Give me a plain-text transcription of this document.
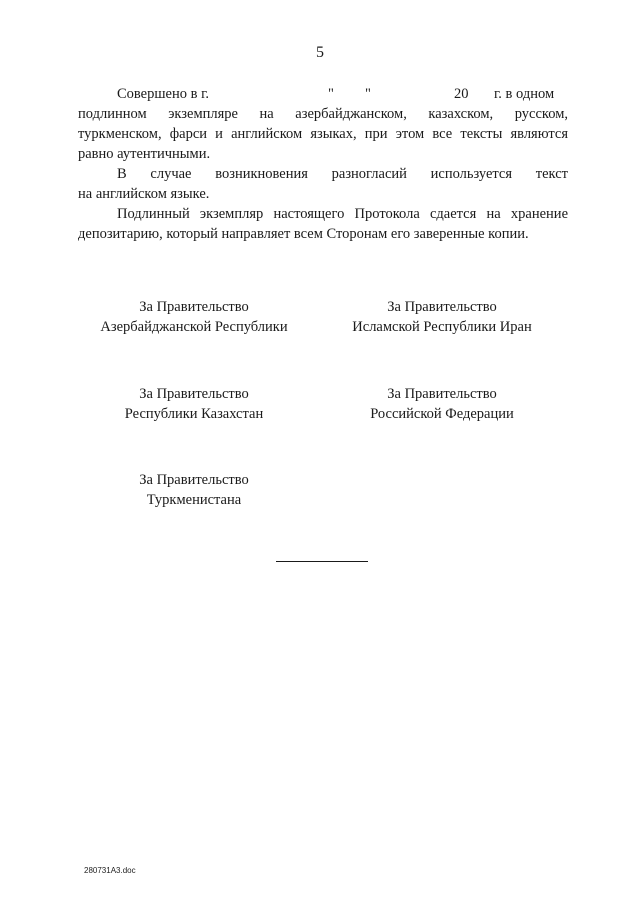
5
Совершено в г.	" "	20 г. в одном
подлинном экземпляре на азербайджанском, казахском, русском,
туркменском, фарси и английском языках, при этом все тексты являются
равно аутентичными.
В случае возникновения разногласий используется текст
на английском языке.
Подлинный экземпляр настоящего Протокола сдается на хранение
депозитарию, который направляет всем Сторонам его заверенные копии.
За Правительство
Азербайджанской Республики
За Правительство
Исламской Республики Иран
За Правительство
Республики Казахстан
За Правительство
Российской Федерации
За Правительство
Туркменистана
280731A3.doc
